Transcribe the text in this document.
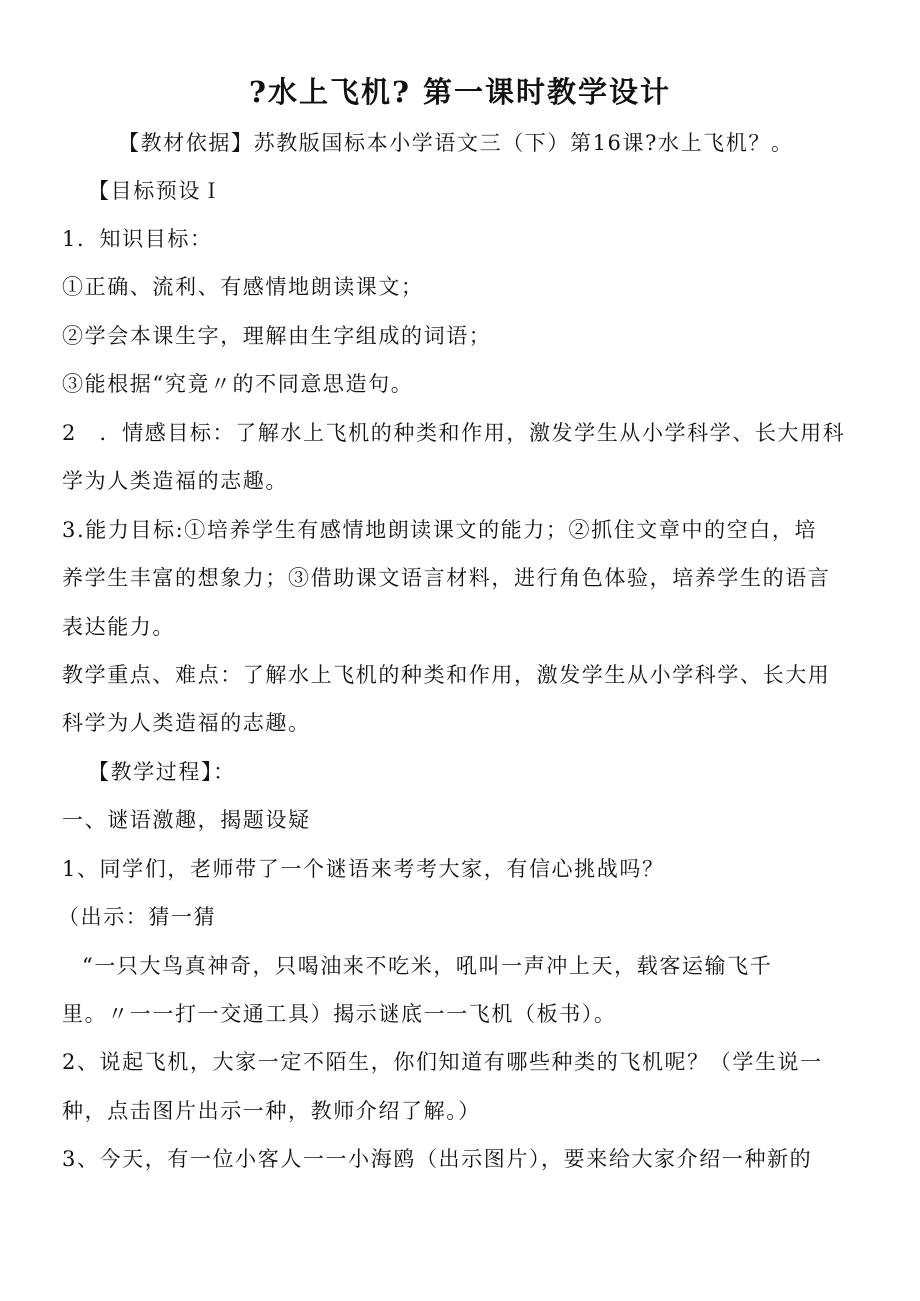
?水上飞机? 第一课时教学设计
【教材依据】苏教版国标本小学语文三（下）第16课?水上飞机？。
【目标预设Ｉ
1．知识目标：
①正确、流利、有感情地朗读课文；
②学会本课生字，理解由生字组成的词语；
③能根据“究竟〃的不同意思造句。
2　．情感目标：了解水上飞机的种类和作用，激发学生从小学科学、长大用科
学为人类造福的志趣。
3.能力目标:①培养学生有感情地朗读课文的能力；②抓住文章中的空白，培
养学生丰富的想象力；③借助课文语言材料，进行角色体验，培养学生的语言
表达能力。
教学重点、难点：了解水上飞机的种类和作用，激发学生从小学科学、长大用
科学为人类造福的志趣。
【教学过程】：
一、谜语激趣，揭题设疑
1、同学们，老师带了一个谜语来考考大家，有信心挑战吗？
（出示：猜一猜
“一只大鸟真神奇，只喝油来不吃米，吼叫一声冲上天，载客运输飞千
里。〃一一打一交通工具）揭示谜底一一飞机（板书）。
2、说起飞机，大家一定不陌生，你们知道有哪些种类的飞机呢？（学生说一
种，点击图片出示一种，教师介绍了解。）
3、今天，有一位小客人一一小海鸥（出示图片），要来给大家介绍一种新的
